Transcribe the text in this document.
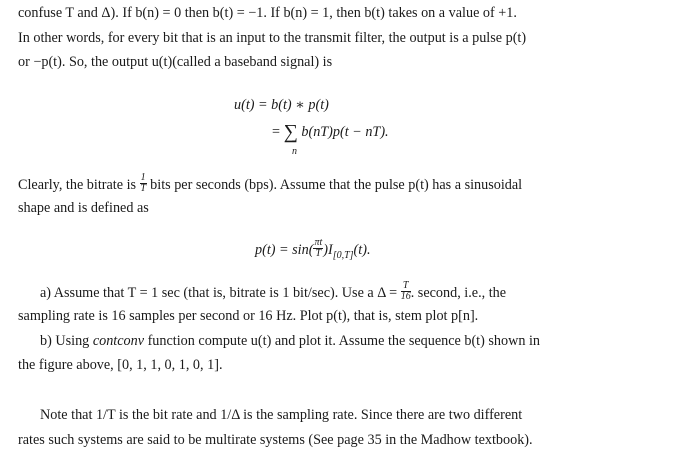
confuse T and Δ). If b(n) = 0 then b(t) = −1. If b(n) = 1, then b(t) takes on a value of +1.
In other words, for every bit that is an input to the transmit filter, the output is a pulse p(t)
or −p(t). So, the output u(t)(called a baseband signal) is
u(t) = b(t) ∗ p(t)
= ∑ b(nT)p(t − nT).
n
Clearly, the bitrate is $\frac{1}{T}$ bits per seconds (bps). Assume that the pulse p(t) has a sinusoidal
shape and is defined as
$p(t) = \sin( \frac{\pi t}{T} )I_{[0,T]}(t)$.
a) Assume that T = 1 sec (that is, bitrate is 1 bit/sec). Use a $\Delta = \frac{T}{16}$ . second, i.e., the
sampling rate is 16 samples per second or 16 Hz. Plot p(t), that is, stem plot p[n].
b) Using contconv function compute u(t) and plot it. Assume the sequence b(t) shown in
the figure above, [0, 1, 1, 0, 1, 0, 1].
Note that 1/T is the bit rate and 1/Δ is the sampling rate. Since there are two different
rates such systems are said to be multirate systems (See page 35 in the Madhow textbook).
